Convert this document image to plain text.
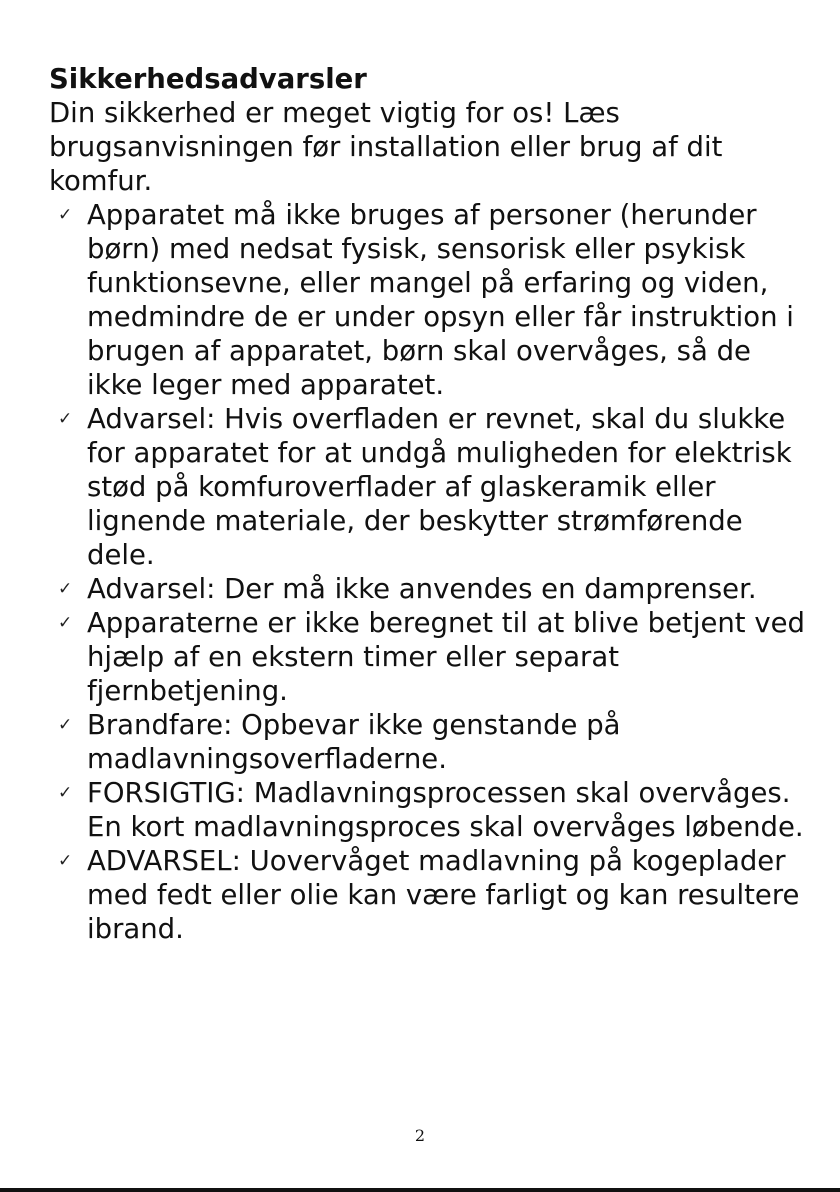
Sikkerhedsadvarsler

Din sikkerhed er meget vigtig for os! Læs brugsanvisningen før installation eller brug af dit komfur.

✓ Apparatet må ikke bruges af personer (herunder børn) med nedsat fysisk, sensorisk eller psykisk funktionsevne, eller mangel på erfaring og viden, medmindre de er under opsyn eller får instruktion i brugen af apparatet, børn skal overvåges, så de ikke leger med apparatet.
✓ Advarsel: Hvis overfladen er revnet, skal du slukke for apparatet for at undgå muligheden for elektrisk stød på komfuroverflader af glaskeramik eller lignende materiale, der beskytter strømførende dele.
✓ Advarsel: Der må ikke anvendes en damprenser.
✓ Apparaterne er ikke beregnet til at blive betjent ved hjælp af en ekstern timer eller separat fjernbetjening.
✓ Brandfare: Opbevar ikke genstande på madlavningsoverfladerne.
✓ FORSIGTIG: Madlavningsprocessen skal overvåges. En kort madlavningsproces skal overvåges løbende.
✓ ADVARSEL: Uovervåget madlavning på kogeplader med fedt eller olie kan være farligt og kan resultere ibrand.
2
